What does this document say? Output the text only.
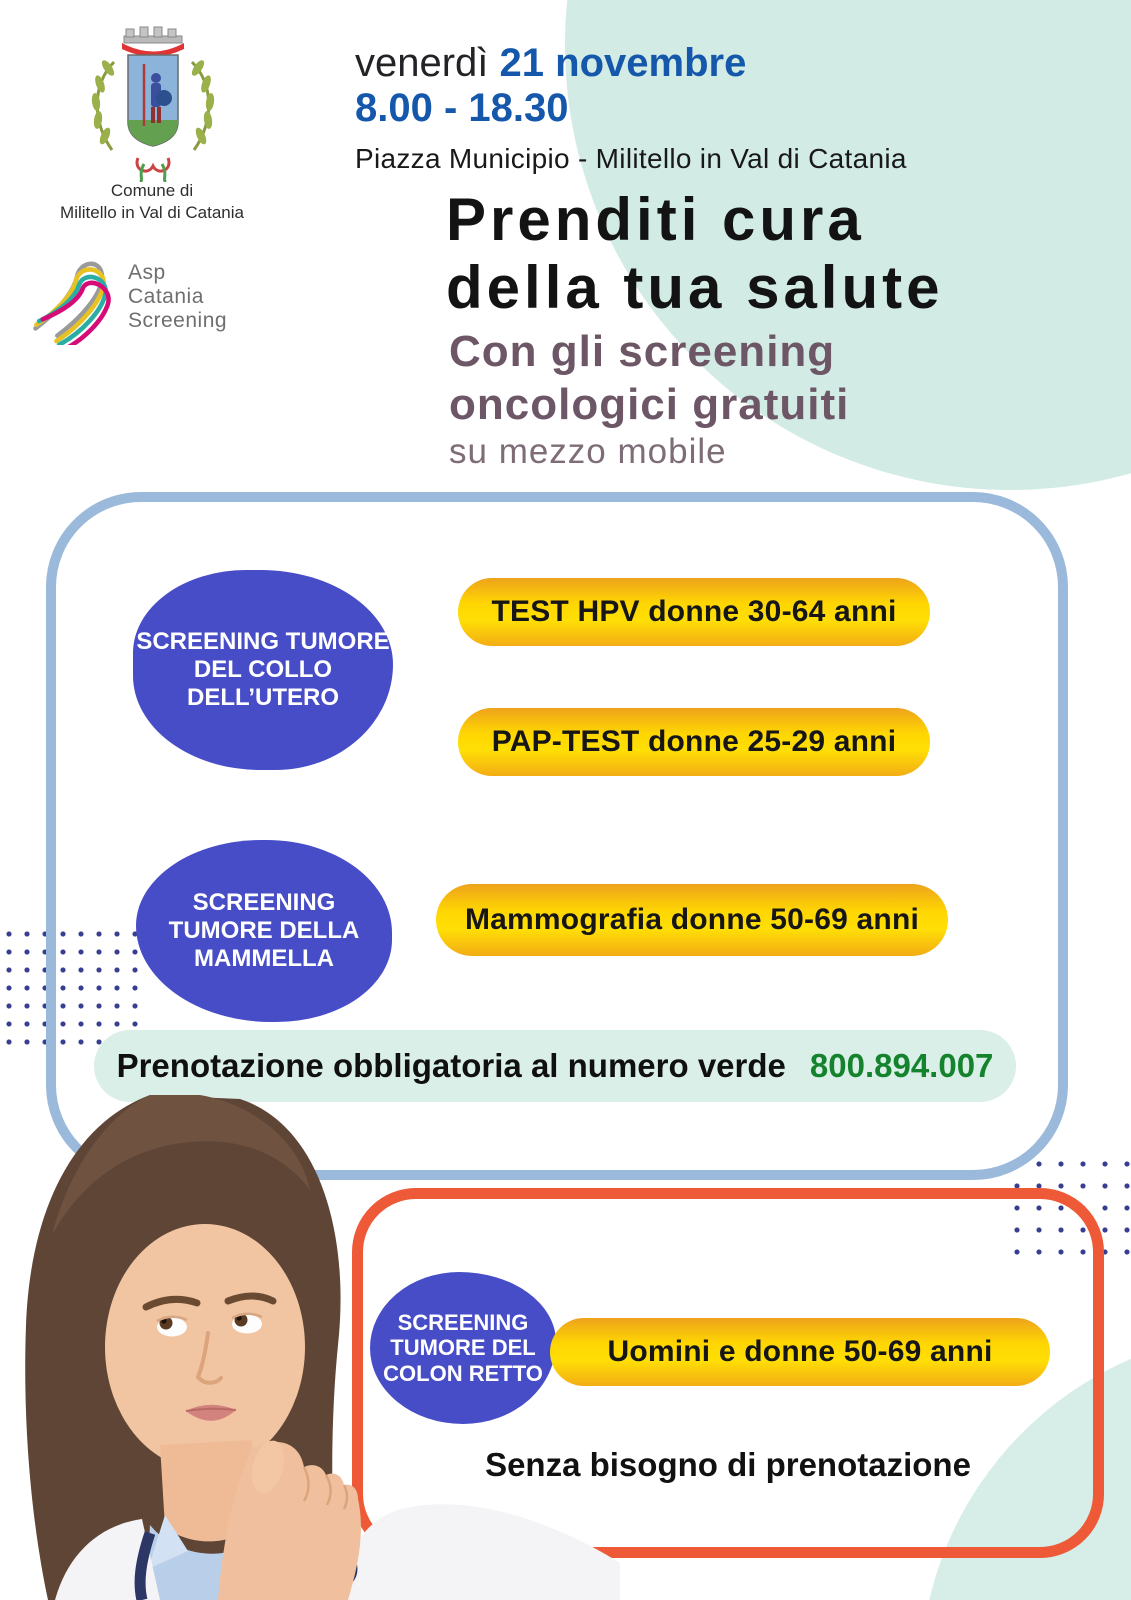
Comune di
Militello in Val di Catania
Asp
Catania
Screening
venerdì 21 novembre
8.00 - 18.30
Piazza Municipio - Militello in Val di Catania
Prenditi cura
della tua salute
Con gli screening
oncologici gratuiti
su mezzo mobile
SCREENING TUMORE
DEL COLLO DELL’UTERO
TEST HPV donne 30-64 anni
PAP-TEST donne 25-29 anni
SCREENING
TUMORE DELLA
MAMMELLA
Mammografia donne 50-69 anni
Prenotazione obbligatoria al numero verde 800.894.007
SCREENING
TUMORE DEL
COLON RETTO
Uomini e donne 50-69 anni
Senza bisogno di prenotazione
